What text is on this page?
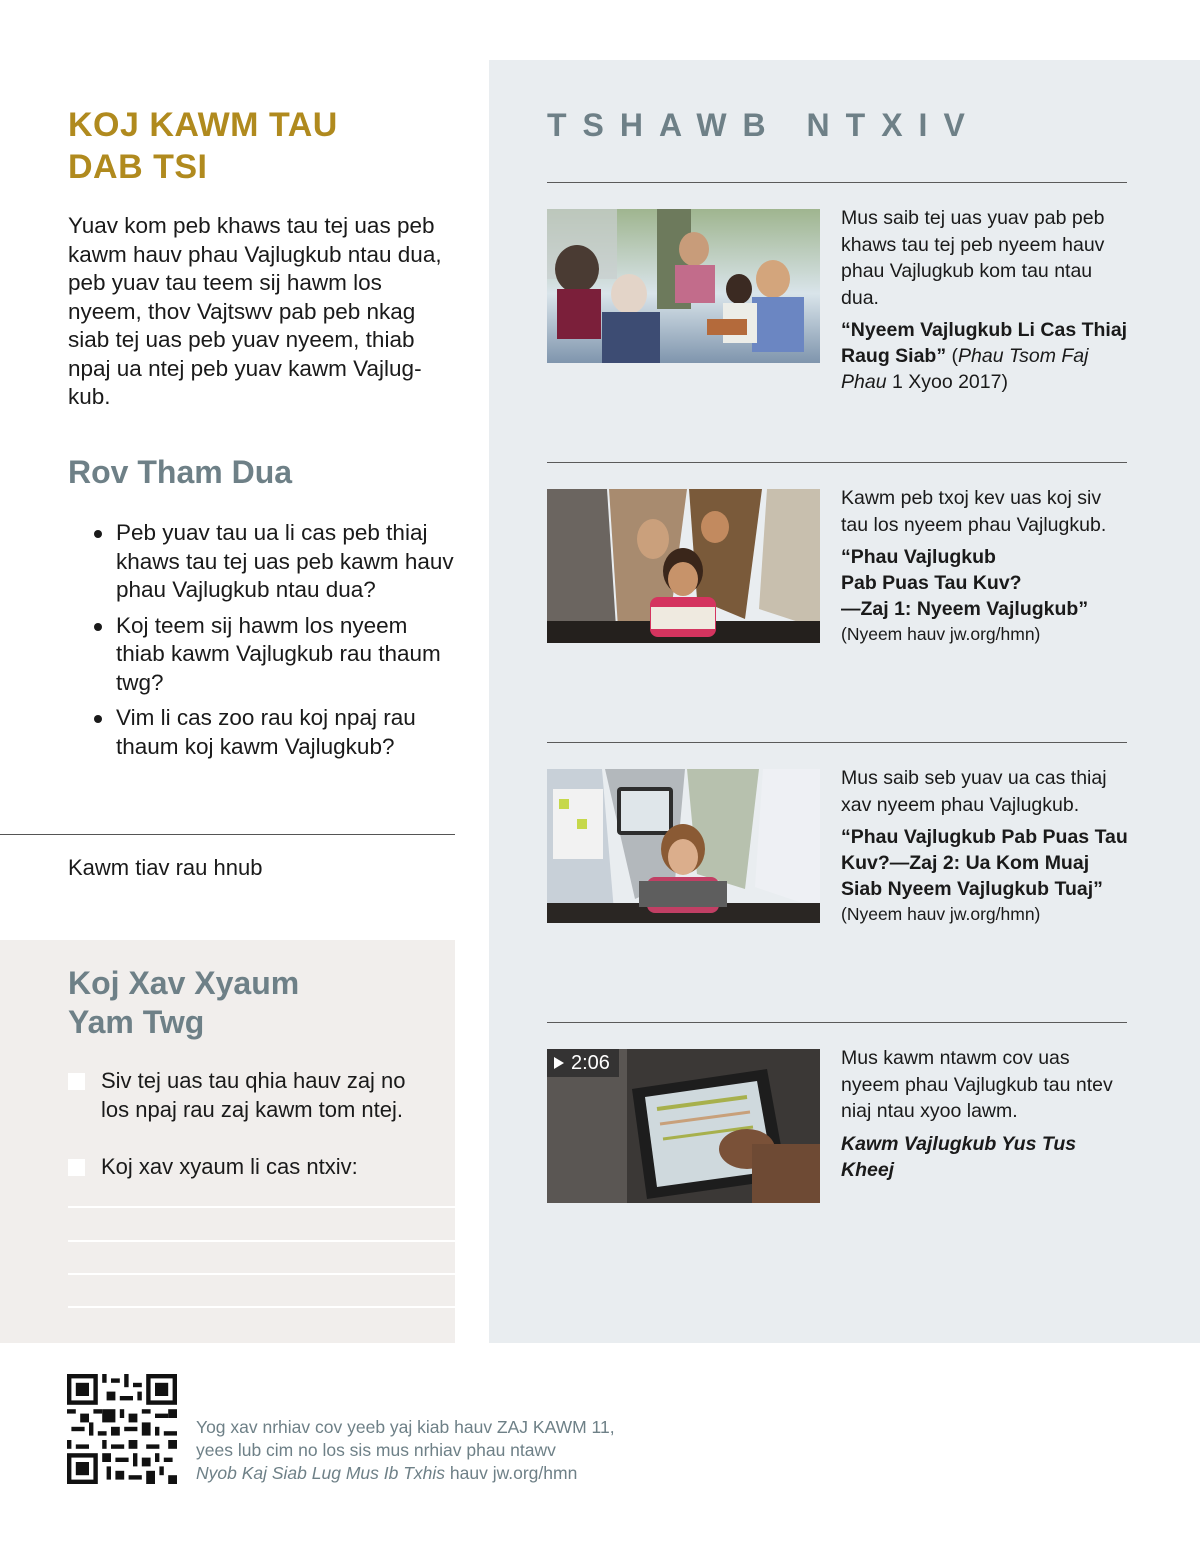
KOJ KAWM TAU
DAB TSI

Yuav kom peb khaws tau tej uas peb kawm hauv phau Vajlugkub ntau dua, peb yuav tau teem sij hawm los nyeem, thov Vajtswv pab peb nkag siab tej uas peb yuav nyeem, thiab npaj ua ntej peb yuav kawm Vajlugkub.

Rov Tham Dua
Peb yuav tau ua li cas peb thiaj khaws tau tej uas peb kawm hauv phau Vajlugkub ntau dua?
Koj teem sij hawm los nyeem thiab kawm Vajlugkub rau thaum twg?
Vim li cas zoo rau koj npaj rau thaum koj kawm Vajlugkub?

Kawm tiav rau hnub

Koj Xav Xyaum
Yam Twg
Siv tej uas tau qhia hauv zaj no los npaj rau zaj kawm tom ntej.
Koj xav xyaum li cas ntxiv:
TSHAWB NTXIV

Mus saib tej uas yuav pab peb khaws tau tej peb nyeem hauv phau Vajlugkub kom tau ntau dua.

“Nyeem Vajlugkub Li Cas Thiaj Raug Siab” (Phau Tsom Faj Phau 1 Xyoo 2017)

Kawm peb txoj kev uas koj siv tau los nyeem phau Vajlugkub.

“Phau Vajlugkub
Pab Puas Tau Kuv?
—Zaj 1: Nyeem Vajlugkub”

(Nyeem hauv jw.org/hmn)

Mus saib seb yuav ua cas thiaj xav nyeem phau Vajlugkub.

“Phau Vajlugkub Pab Puas Tau Kuv?—Zaj 2: Ua Kom Muaj Siab Nyeem Vajlugkub Tuaj”

(Nyeem hauv jw.org/hmn)

2:06	Mus kawm ntawm cov uas nyeem phau Vajlugkub tau ntev niaj ntau xyoo lawm.

Kawm Vajlugkub Yus Tus Kheej

Yog xav nrhiav cov yeeb yaj kiab hauv ZAJ KAWM 11,
yees lub cim no los sis mus nrhiav phau ntawv
Nyob Kaj Siab Lug Mus Ib Txhis hauv jw.org/hmn
